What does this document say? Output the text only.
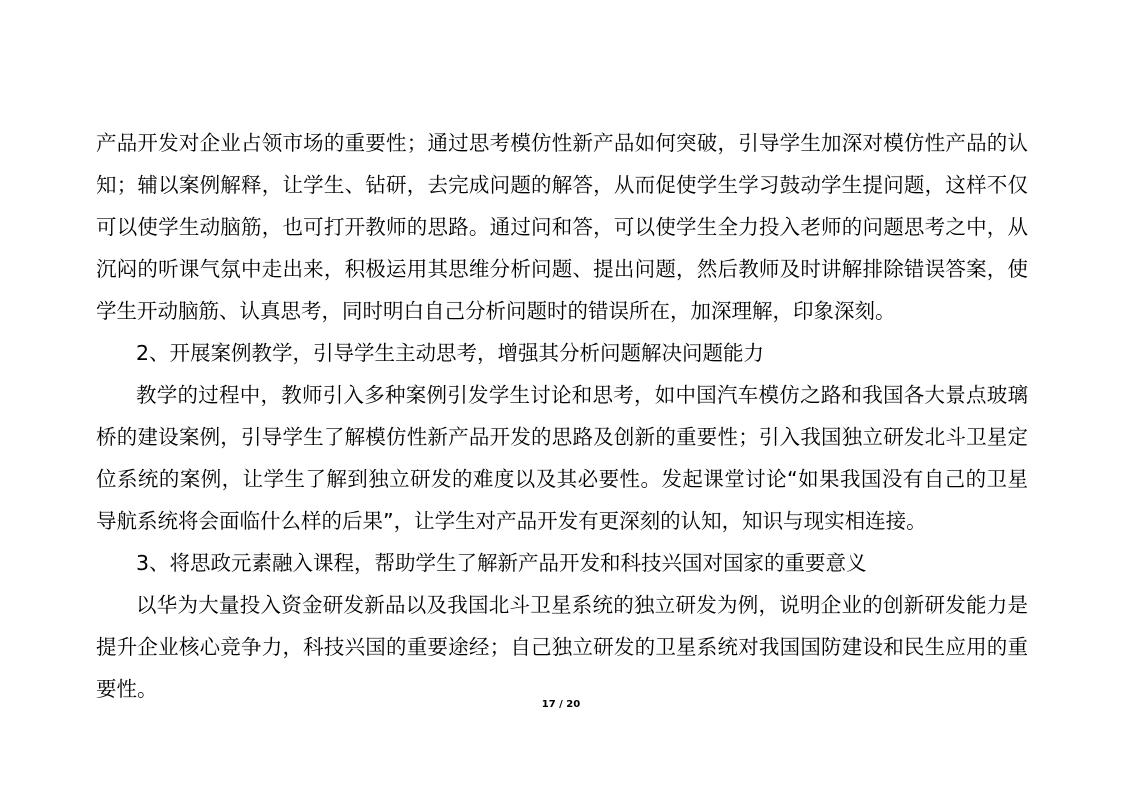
产品开发对企业占领市场的重要性；通过思考模仿性新产品如何突破，引导学生加深对模仿性产品的认知；辅以案例解释，让学生、钻研，去完成问题的解答，从而促使学生学习鼓动学生提问题，这样不仅可以使学生动脑筋，也可打开教师的思路。通过问和答，可以使学生全力投入老师的问题思考之中，从沉闷的听课气氛中走出来，积极运用其思维分析问题、提出问题，然后教师及时讲解排除错误答案，使学生开动脑筋、认真思考，同时明白自己分析问题时的错误所在，加深理解，印象深刻。

2、开展案例教学，引导学生主动思考，增强其分析问题解决问题能力

教学的过程中，教师引入多种案例引发学生讨论和思考，如中国汽车模仿之路和我国各大景点玻璃桥的建设案例，引导学生了解模仿性新产品开发的思路及创新的重要性；引入我国独立研发北斗卫星定位系统的案例，让学生了解到独立研发的难度以及其必要性。发起课堂讨论“如果我国没有自己的卫星导航系统将会面临什么样的后果”，让学生对产品开发有更深刻的认知，知识与现实相连接。

3、将思政元素融入课程，帮助学生了解新产品开发和科技兴国对国家的重要意义

以华为大量投入资金研发新品以及我国北斗卫星系统的独立研发为例，说明企业的创新研发能力是提升企业核心竞争力，科技兴国的重要途经；自己独立研发的卫星系统对我国国防建设和民生应用的重要性。

17 / 20
